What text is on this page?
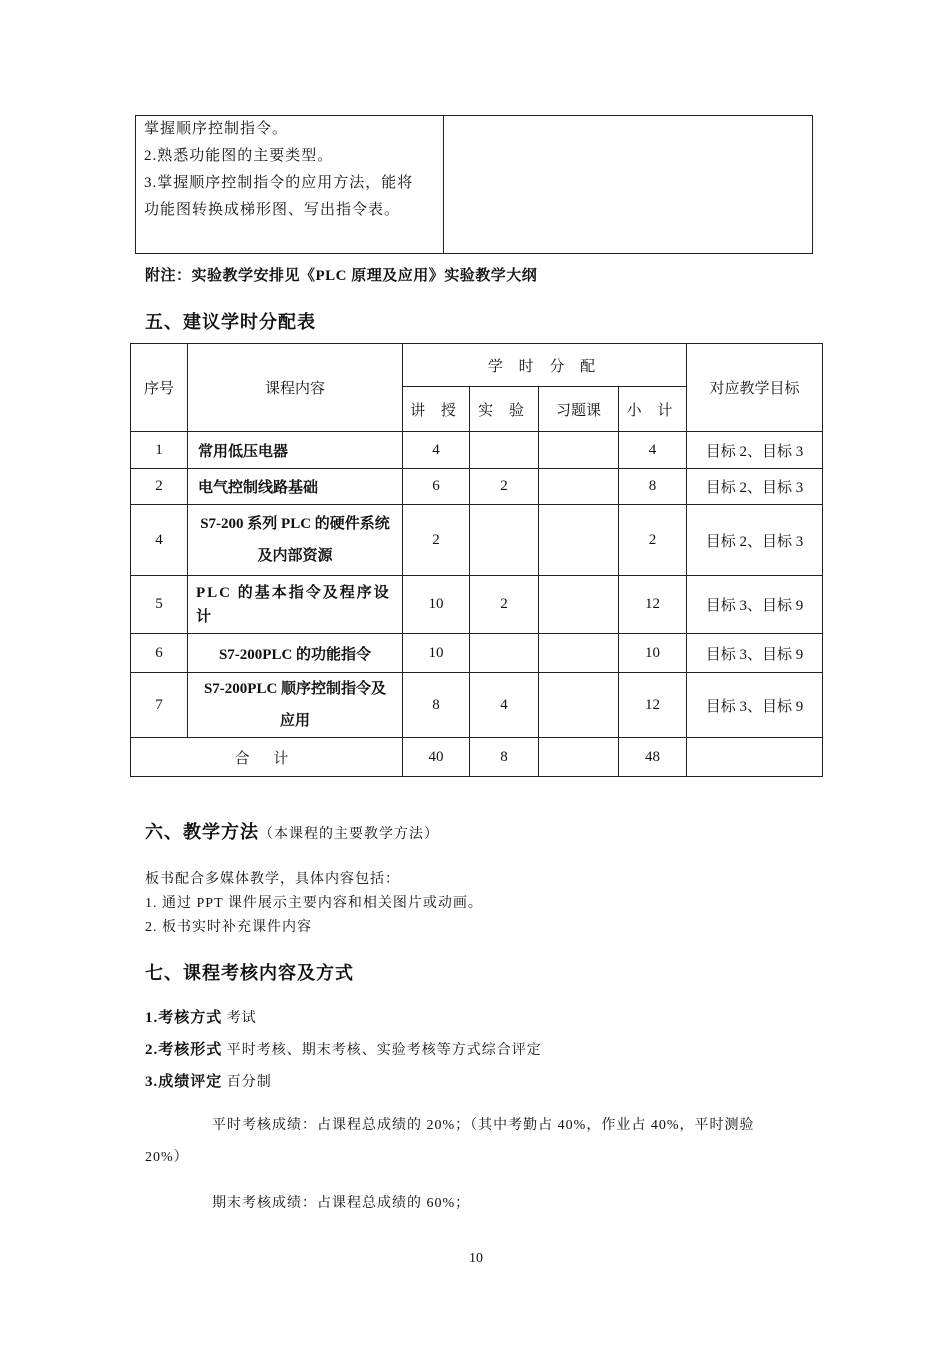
掌握顺序控制指令。
2.熟悉功能图的主要类型。
3.掌握顺序控制指令的应用方法，能将
功能图转换成梯形图、写出指令表。

附注：实验教学安排见《PLC 原理及应用》实验教学大纲
五、建议学时分配表
序号	课程内容	学 时 分 配				对应教学目标
		讲 授	实 验	习题课	小 计	
1	常用低压电器	4			4	目标 2、目标 3
2	电气控制线路基础	6	2		8	目标 2、目标 3
4	S7-200 系列 PLC 的硬件系统及内部资源	2			2	目标 2、目标 3
5	PLC 的基本指令及程序设计	10	2		12	目标 3、目标 9
6	S7-200PLC 的功能指令	10			10	目标 3、目标 9
7	S7-200PLC 顺序控制指令及应用	8	4		12	目标 3、目标 9
合 计		40	8		48	
六、教学方法（本课程的主要教学方法）
板书配合多媒体教学，具体内容包括：
1. 通过 PPT 课件展示主要内容和相关图片或动画。
2. 板书实时补充课件内容
七、课程考核内容及方式
1.考核方式 考试
2.考核形式 平时考核、期末考核、实验考核等方式综合评定
3.成绩评定 百分制
平时考核成绩：占课程总成绩的 20%；（其中考勤占 40%，作业占 40%，平时测验
20%）
期末考核成绩：占课程总成绩的 60%；
10
